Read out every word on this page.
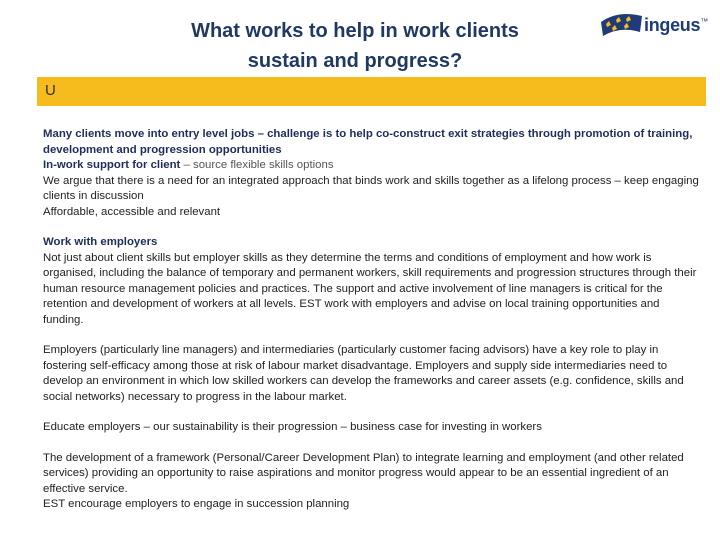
What works to help in work clients
sustain and progress?
ingeus™
U

Many clients move into entry level jobs – challenge is to help co-construct exit strategies through promotion of training, development and progression opportunities

In-work support for client – source flexible skills options

We argue that there is a need for an integrated approach that binds work and skills together as a lifelong process – keep engaging clients in discussion

Affordable, accessible and relevant

Work with employers

Not just about client skills but employer skills as they determine the terms and conditions of employment and how work is organised, including the balance of temporary and permanent workers, skill requirements and progression structures through their human resource management policies and practices. The support and active involvement of line managers is critical for the retention and development of workers at all levels. EST work with employers and advise on local training opportunities and funding.

Employers (particularly line managers) and intermediaries (particularly customer facing advisors) have a key role to play in fostering self-efficacy among those at risk of labour market disadvantage. Employers and supply side intermediaries need to develop an environment in which low skilled workers can develop the frameworks and career assets (e.g. confidence, skills and social networks) necessary to progress in the labour market.

Educate employers – our sustainability is their progression – business case for investing in workers

The development of a framework (Personal/Career Development Plan) to integrate learning and employment (and other related services) providing an opportunity to raise aspirations and monitor progress would appear to be an essential ingredient of an effective service.

EST encourage employers to engage in succession planning
